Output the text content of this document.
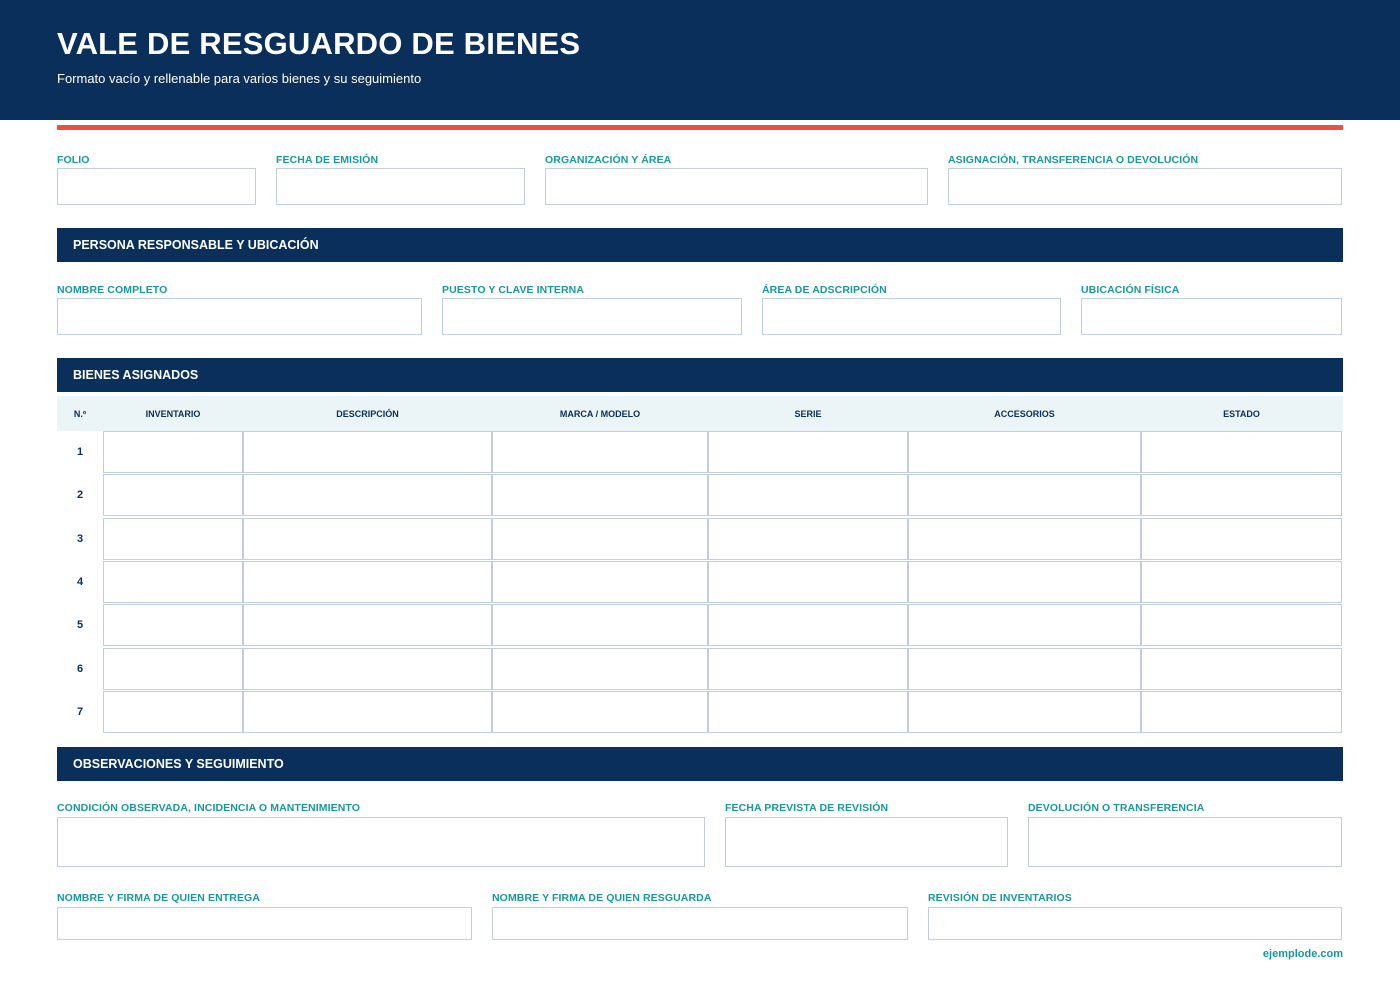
VALE DE RESGUARDO DE BIENES
Formato vacío y rellenable para varios bienes y su seguimiento
FOLIO	FECHA DE EMISIÓN	ORGANIZACIÓN Y ÁREA	ASIGNACIÓN, TRANSFERENCIA O DEVOLUCIÓN
PERSONA RESPONSABLE Y UBICACIÓN
NOMBRE COMPLETO	PUESTO Y CLAVE INTERNA	ÁREA DE ADSCRIPCIÓN	UBICACIÓN FÍSICA
BIENES ASIGNADOS
N.º	INVENTARIO	DESCRIPCIÓN	MARCA / MODELO	SERIE	ACCESORIOS	ESTADO
1
2
3
4
5
6
7
OBSERVACIONES Y SEGUIMIENTO
CONDICIÓN OBSERVADA, INCIDENCIA O MANTENIMIENTO	FECHA PREVISTA DE REVISIÓN	DEVOLUCIÓN O TRANSFERENCIA
NOMBRE Y FIRMA DE QUIEN ENTREGA	NOMBRE Y FIRMA DE QUIEN RESGUARDA	REVISIÓN DE INVENTARIOS
ejemplode.com
